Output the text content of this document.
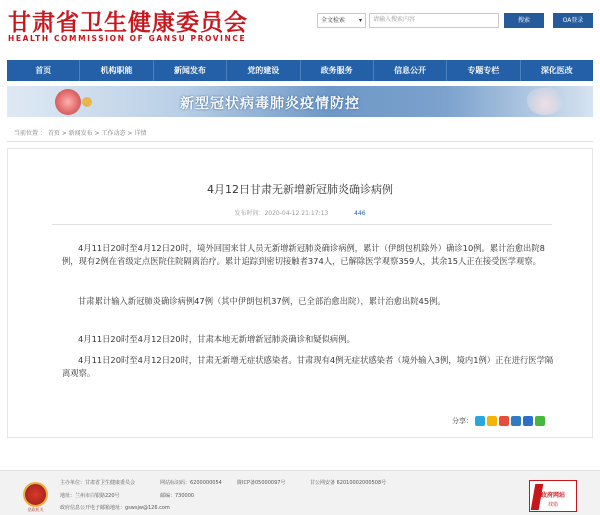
甘肃省卫生健康委员会
HEALTH COMMISSION OF GANSU PROVINCE
全文检索 ▾	请输入搜索内容	搜索	OA登录
首页	机构职能	新闻发布	党的建设	政务服务	信息公开	专题专栏	深化医改
新型冠状病毒肺炎疫情防控
当前位置 ： 首页 > 新闻发布 > 工作动态 > 详情
4月12日甘肃无新增新冠肺炎确诊病例
发布时间：2020-04-12 21:17:13	446

4月11日20时至4月12日20时，境外回国来甘人员无新增新冠肺炎确诊病例，累计（伊朗包机除外）确诊10例。累计治愈出院8例，现有2例在省级定点医院住院隔离治疗。累计追踪到密切接触者374人，已解除医学观察359人，其余15人正在接受医学观察。

甘肃累计输入新冠肺炎确诊病例47例（其中伊朗包机37例，已全部治愈出院），累计治愈出院45例。

4月11日20时至4月12日20时，甘肃本地无新增新冠肺炎确诊和疑似病例。

4月11日20时至4月12日20时，甘肃无新增无症状感染者。甘肃现有4例无症状感染者（境外输入3例，境内1例）正在进行医学隔离观察。

分享：
党政机关
主办单位：甘肃省卫生健康委员会	网站标识码：6200000054	陇ICP备05000097号	甘公网安备 62010002000508号
地址：兰州市白银路220号	邮编：730000
政府信息公开电子邮箱地址：gswsjw@126.com
政府网站
找错
